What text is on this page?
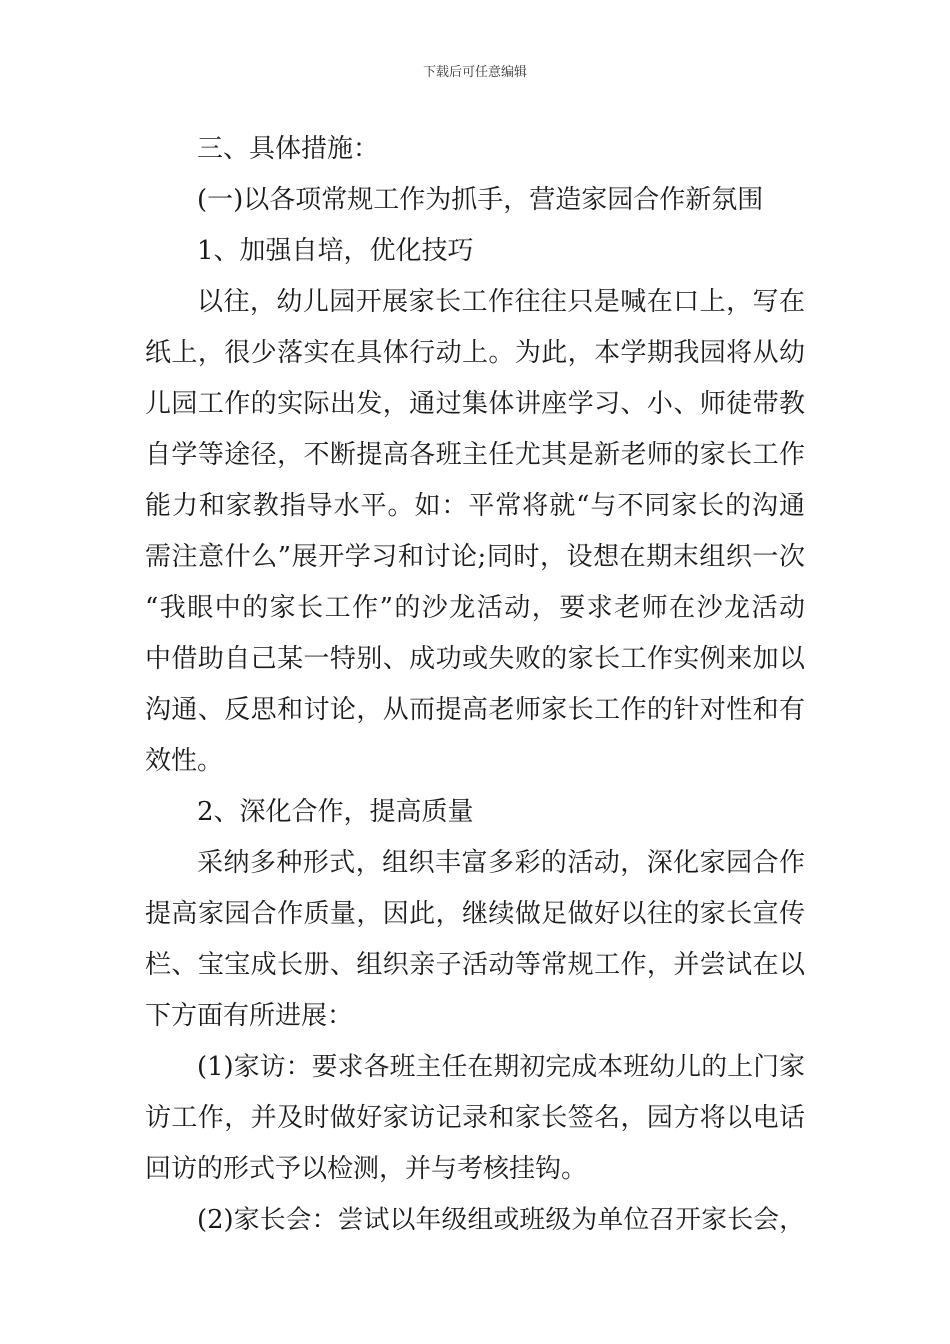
下载后可任意编辑
三、具体措施：
(一)以各项常规工作为抓手，营造家园合作新氛围
1、加强自培，优化技巧
以往，幼儿园开展家长工作往往只是喊在口上，写在
纸上，很少落实在具体行动上。为此，本学期我园将从幼
儿园工作的实际出发，通过集体讲座学习、小、师徒带教
自学等途径，不断提高各班主任尤其是新老师的家长工作
能力和家教指导水平。如：平常将就“与不同家长的沟通
需注意什么”展开学习和讨论;同时，设想在期末组织一次
“我眼中的家长工作”的沙龙活动，要求老师在沙龙活动
中借助自己某一特别、成功或失败的家长工作实例来加以
沟通、反思和讨论，从而提高老师家长工作的针对性和有
效性。
2、深化合作，提高质量
采纳多种形式，组织丰富多彩的活动，深化家园合作
提高家园合作质量，因此，继续做足做好以往的家长宣传
栏、宝宝成长册、组织亲子活动等常规工作，并尝试在以
下方面有所进展：
(1)家访：要求各班主任在期初完成本班幼儿的上门家
访工作，并及时做好家访记录和家长签名，园方将以电话
回访的形式予以检测，并与考核挂钩。
(2)家长会：尝试以年级组或班级为单位召开家长会，
